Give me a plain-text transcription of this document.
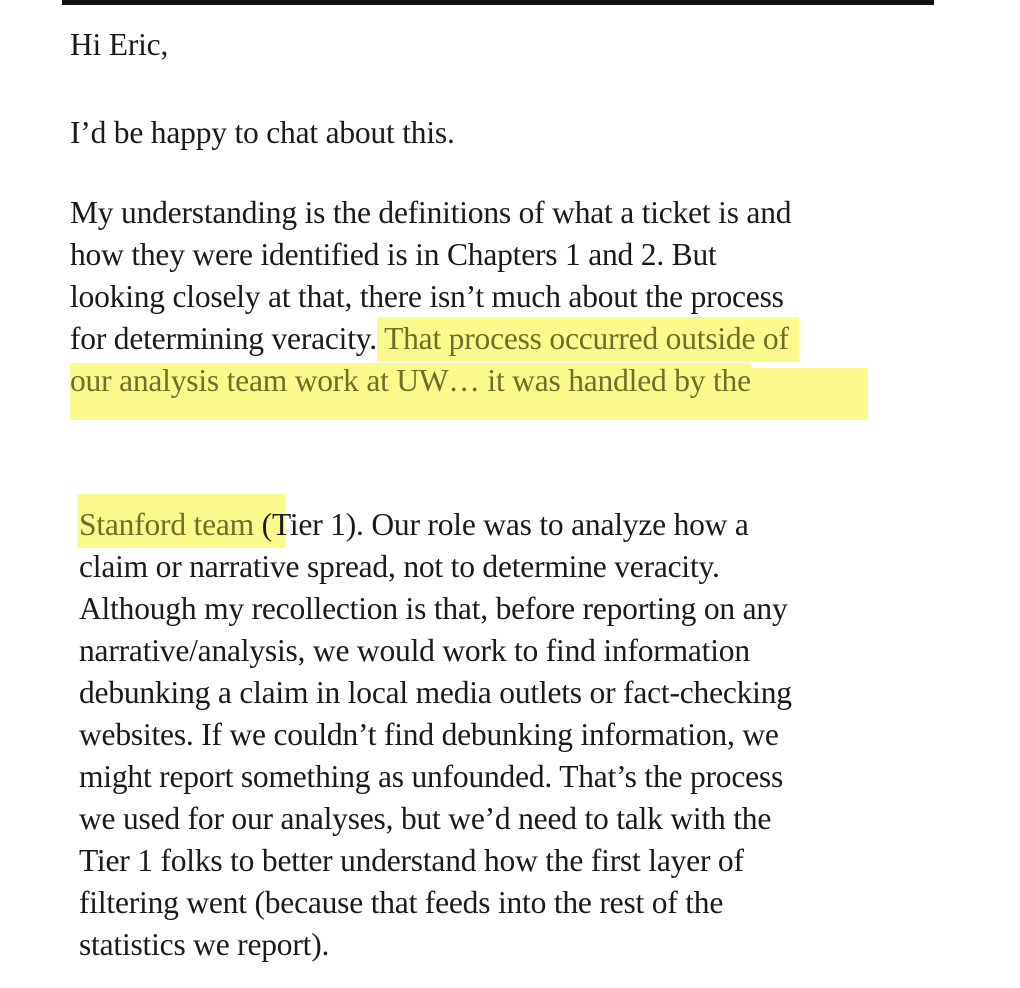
Hi Eric,
I’d be happy to chat about this.
My understanding is the definitions of what a ticket is and
how they were identified is in Chapters 1 and 2. But
looking closely at that, there isn’t much about the process
for determining veracity. That process occurred outside of
our analysis team work at UW… it was handled by the
Stanford team (Tier 1). Our role was to analyze how a
claim or narrative spread, not to determine veracity.
Although my recollection is that, before reporting on any
narrative/analysis, we would work to find information
debunking a claim in local media outlets or fact-checking
websites. If we couldn’t find debunking information, we
might report something as unfounded. That’s the process
we used for our analyses, but we’d need to talk with the
Tier 1 folks to better understand how the first layer of
filtering went (because that feeds into the rest of the
statistics we report).
